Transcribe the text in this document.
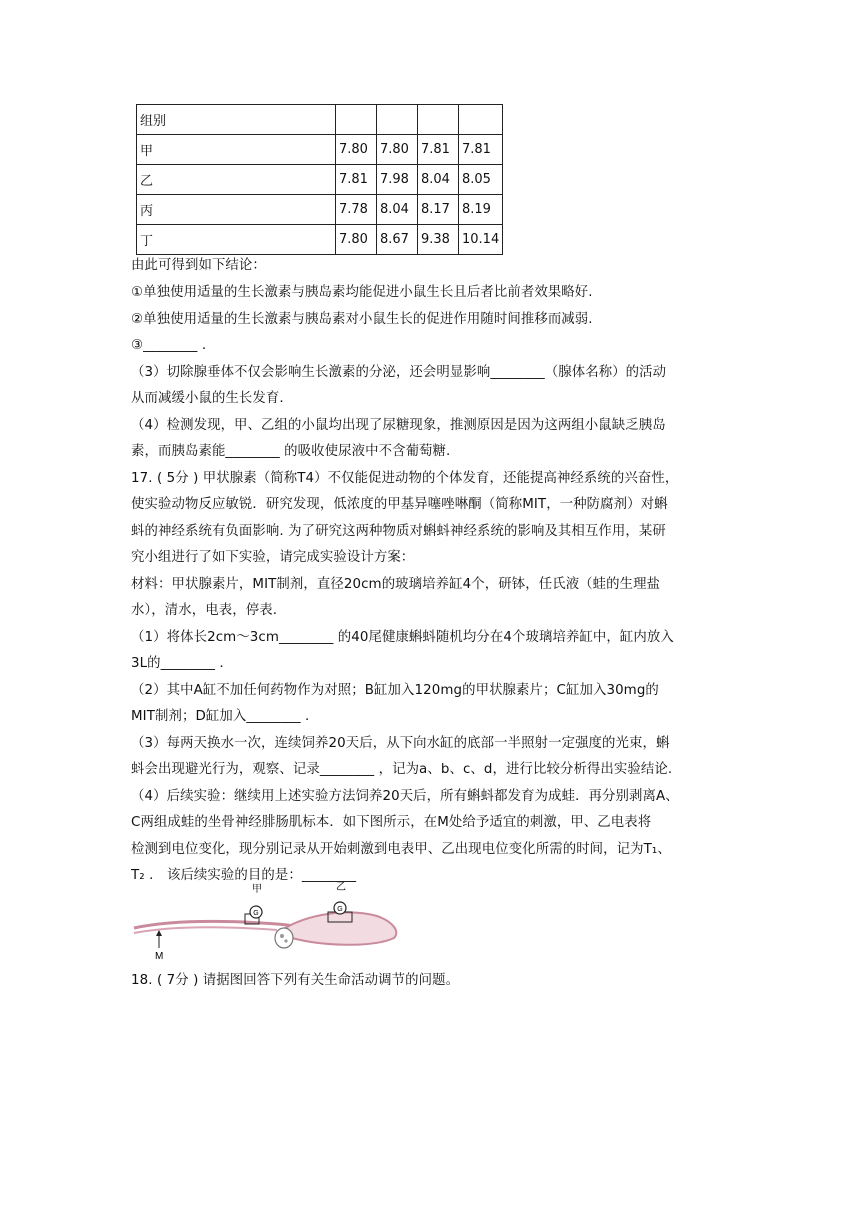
组别				
甲	7.80	7.80	7.81	7.81
乙	7.81	7.98	8.04	8.05
丙	7.78	8.04	8.17	8.19
丁	7.80	8.67	9.38	10.14
由此可得到如下结论：
①单独使用适量的生长激素与胰岛素均能促进小鼠生长且后者比前者效果略好.
②单独使用适量的生长激素与胰岛素对小鼠生长的促进作用随时间推移而减弱.
③________ .
（3）切除腺垂体不仅会影响生长激素的分泌，还会明显影响________（腺体名称）的活动
从而减缓小鼠的生长发育.
（4）检测发现，甲、乙组的小鼠均出现了尿糖现象，推测原因是因为这两组小鼠缺乏胰岛
素，而胰岛素能________ 的吸收使尿液中不含葡萄糖.
17. ( 5分 ) 甲状腺素（简称T4）不仅能促进动物的个体发育，还能提高神经系统的兴奋性，
使实验动物反应敏锐．研究发现，低浓度的甲基异噻唑啉酮（简称MIT，一种防腐剂）对蝌
蚪的神经系统有负面影响. 为了研究这两种物质对蝌蚪神经系统的影响及其相互作用，某研
究小组进行了如下实验，请完成实验设计方案：
材料：甲状腺素片，MIT制剂，直径20cm的玻璃培养缸4个，研钵，任氏液（蛙的生理盐
水），清水，电表，停表.
（1）将体长2cm～3cm________ 的40尾健康蝌蚪随机均分在4个玻璃培养缸中，缸内放入
3L的________ .
（2）其中A缸不加任何药物作为对照；B缸加入120mg的甲状腺素片；C缸加入30mg的
MIT制剂；D缸加入________ .
（3）每两天换水一次，连续饲养20天后，从下向水缸的底部一半照射一定强度的光束，蝌
蚪会出现避光行为，观察、记录________ ，记为a、b、c、d，进行比较分析得出实验结论.
（4）后续实验：继续用上述实验方法饲养20天后，所有蝌蚪都发育为成蛙．再分别剥离A、
C两组成蛙的坐骨神经腓肠肌标本．如下图所示，在M处给予适宜的刺激，甲、乙电表将
检测到电位变化，现分别记录从开始刺激到电表甲、乙出现电位变化所需的时间，记为T₁、
T₂ ． 该后续实验的目的是：________
G
甲
G
乙
M
18. ( 7分 ) 请据图回答下列有关生命活动调节的问题。
